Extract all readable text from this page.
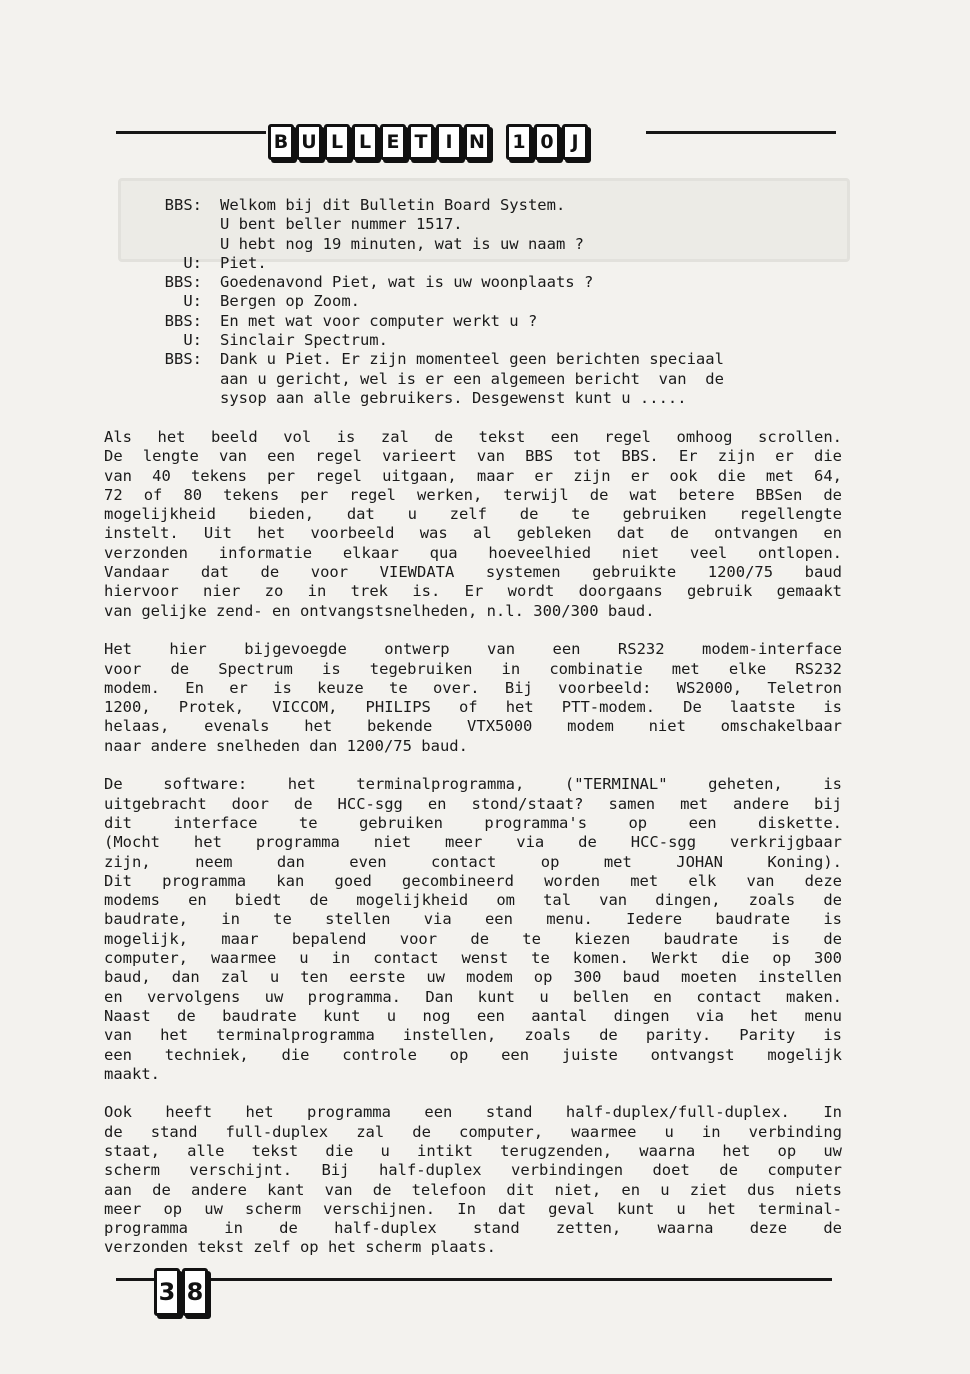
B U L L E T I N	1 0 J
BBS:	Welkom bij dit Bulletin Board System.
U bent beller nummer 1517.
U hebt nog 19 minuten, wat is uw naam ?
U:	Piet.
BBS:	Goedenavond Piet, wat is uw woonplaats ?
U:	Bergen op Zoom.
BBS:	En met wat voor computer werkt u ?
U:	Sinclair Spectrum.
BBS:	Dank u Piet. Er zijn momenteel geen berichten speciaal
aan u gericht, wel is er een algemeen bericht  van  de
sysop aan alle gebruikers. Desgewenst kunt u .....
Als het beeld vol is zal de tekst een regel omhoog scrollen.
De lengte van een regel varieert van BBS tot BBS. Er zijn er die
van 40 tekens per regel uitgaan, maar er zijn er ook die met 64,
72 of 80 tekens per regel werken, terwijl de wat betere BBSen de
mogelijkheid bieden, dat u zelf de te gebruiken regellengte
instelt. Uit het voorbeeld was al gebleken dat de ontvangen en
verzonden informatie elkaar qua hoeveelhied niet veel ontlopen.
Vandaar dat de voor VIEWDATA systemen gebruikte 1200/75 baud
hiervoor nier zo in trek is. Er wordt doorgaans gebruik gemaakt
van gelijke zend- en ontvangstsnelheden, n.l. 300/300 baud.
Het hier bijgevoegde ontwerp van een RS232 modem-interface
voor de Spectrum is tegebruiken in combinatie met elke RS232
modem. En er is keuze te over. Bij voorbeeld: WS2000, Teletron
1200, Protek, VICCOM, PHILIPS of het PTT-modem. De laatste is
helaas, evenals het bekende VTX5000 modem niet omschakelbaar
naar andere snelheden dan 1200/75 baud.
De software: het terminalprogramma, ("TERMINAL" geheten, is
uitgebracht door de HCC-sgg en stond/staat? samen met andere bij
dit interface te gebruiken programma's op een diskette.
(Mocht het programma niet meer via de HCC-sgg verkrijgbaar
zijn, neem dan even contact op met JOHAN Koning).
Dit programma kan goed gecombineerd worden met elk van deze
modems en biedt de mogelijkheid om tal van dingen, zoals de
baudrate, in te stellen via een menu. Iedere baudrate is
mogelijk, maar bepalend voor de te kiezen baudrate is de
computer, waarmee u in contact wenst te komen. Werkt die op 300
baud, dan zal u ten eerste uw modem op 300 baud moeten instellen
en vervolgens uw programma. Dan kunt u bellen en contact maken.
Naast de baudrate kunt u nog een aantal dingen via het menu
van het terminalprogramma instellen, zoals de parity. Parity is
een techniek, die controle op een juiste ontvangst mogelijk
maakt.
Ook heeft het programma een stand half-duplex/full-duplex. In
de stand full-duplex zal de computer, waarmee u in verbinding
staat, alle tekst die u intikt terugzenden, waarna het op uw
scherm verschijnt. Bij half-duplex verbindingen doet de computer
aan de andere kant van de telefoon dit niet, en u ziet dus niets
meer op uw scherm verschijnen. In dat geval kunt u het terminal-
programma in de half-duplex stand zetten, waarna deze de
verzonden tekst zelf op het scherm plaats.
3 8
